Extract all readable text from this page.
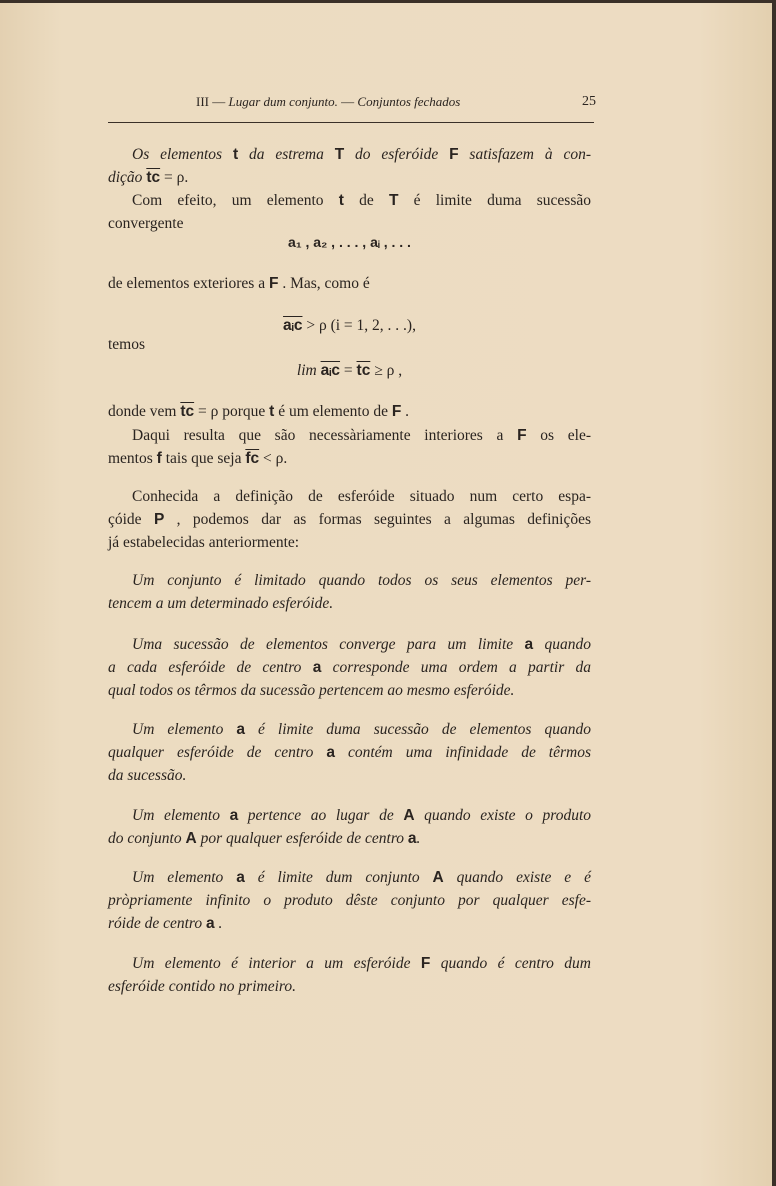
III — Lugar dum conjunto. — Conjuntos fechados	25
Os elementos t da estrema T do esferóide F satisfazem à con-
dição $\overline{tc} = \rho$.
Com efeito, um elemento t de T é limite duma sucessão
convergente
a₁ , a₂ , . . . , aᵢ , . . .
de elementos exteriores a F . Mas, como é
$\overline{aᵢc} > \rho$ (i = 1, 2, . . .),
temos
$\lim \overline{aᵢc} = \overline{tc} \ge \rho$ ,
donde vem $\overline{tc} = \rho$ porque t é um elemento de F .
Daqui resulta que são necessàriamente interiores a F os ele-
mentos f tais que seja $\overline{fc} < \rho$.
Conhecida a definição de esferóide situado num certo espa-
çóide P , podemos dar as formas seguintes a algumas definições
já estabelecidas anteriormente:
Um conjunto é limitado quando todos os seus elementos per-
tencem a um determinado esferóide.
Uma sucessão de elementos converge para um limite a quando
a cada esferóide de centro a corresponde uma ordem a partir da
qual todos os têrmos da sucessão pertencem ao mesmo esferóide.
Um elemento a é limite duma sucessão de elementos quando
qualquer esferóide de centro a contém uma infinidade de têrmos
da sucessão.
Um elemento a pertence ao lugar de A quando existe o produto
do conjunto A por qualquer esferóide de centro a.
Um elemento a é limite dum conjunto A quando existe e é
pròpriamente infinito o produto dêste conjunto por qualquer esfe-
róide de centro a .
Um elemento é interior a um esferóide F quando é centro dum
esferóide contido no primeiro.
